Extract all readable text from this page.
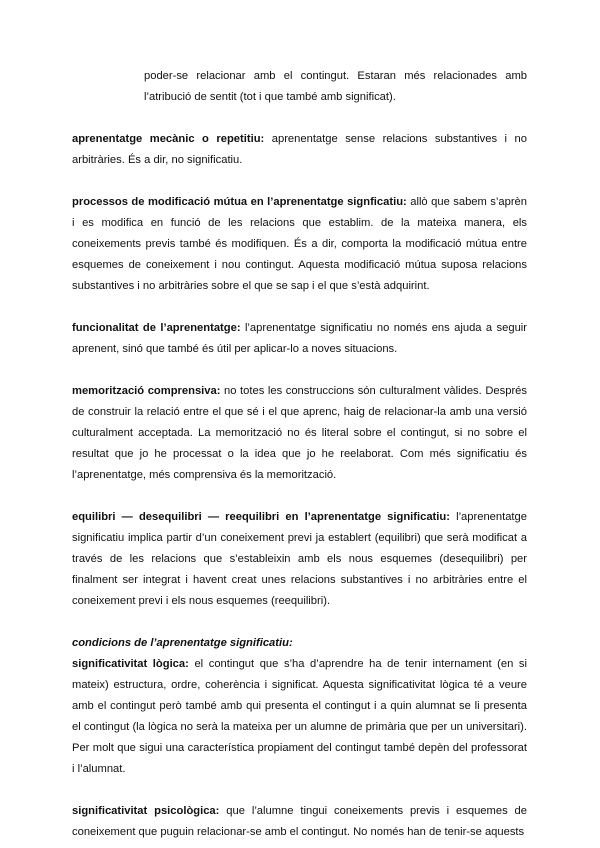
poder-se relacionar amb el contingut. Estaran més relacionades amb l’atribució de sentit (tot i que també amb significat).

aprenentatge mecànic o repetitiu: aprenentatge sense relacions substantives i no arbitràries. És a dir, no significatiu.

processos de modificació mútua en l’aprenentatge signficatiu: allò que sabem s’aprèn i es modifica en funció de les relacions que establim. de la mateixa manera, els coneixements previs també és modifiquen. És a dir, comporta la modificació mútua entre esquemes de coneixement i nou contingut. Aquesta modificació mútua suposa relacions substantives i no arbitràries sobre el que se sap i el que s’està adquirint.

funcionalitat de l’aprenentatge: l’aprenentatge significatiu no només ens ajuda a seguir aprenent, sinó que també és útil per aplicar-lo a noves situacions.

memorització comprensiva: no totes les construccions són culturalment vàlides. Després de construir la relació entre el que sé i el que aprenc, haig de relacionar-la amb una versió culturalment acceptada. La memorització no és literal sobre el contingut, si no sobre el resultat que jo he processat o la idea que jo he reelaborat. Com més significatiu és l’aprenentatge, més comprensiva és la memorització.

equilibri — desequilibri — reequilibri en l’aprenentatge significatiu: l’aprenentatge significatiu implica partir d’un coneixement previ ja establert (equilibri) que serà modificat a través de les relacions que s’estableixin amb els nous esquemes (desequilibri) per finalment ser integrat i havent creat unes relacions substantives i no arbitràries entre el coneixement previ i els nous esquemes (reequilibri).

condicions de l’aprenentatge significatiu:

significativitat lògica: el contingut que s’ha d’aprendre ha de tenir internament (en si mateix) estructura, ordre, coherència i significat. Aquesta significativitat lògica té a veure amb el contingut però també amb qui presenta el contingut i a quin alumnat se li presenta el contingut (la lògica no serà la mateixa per un alumne de primària que per un universitari). Per molt que sigui una característica propiament del contingut també depèn del professorat i l’alumnat.

significativitat psicològica: que l’alumne tingui coneixements previs i esquemes de coneixement que puguin relacionar-se amb el contingut. No només han de tenir-se aquests
